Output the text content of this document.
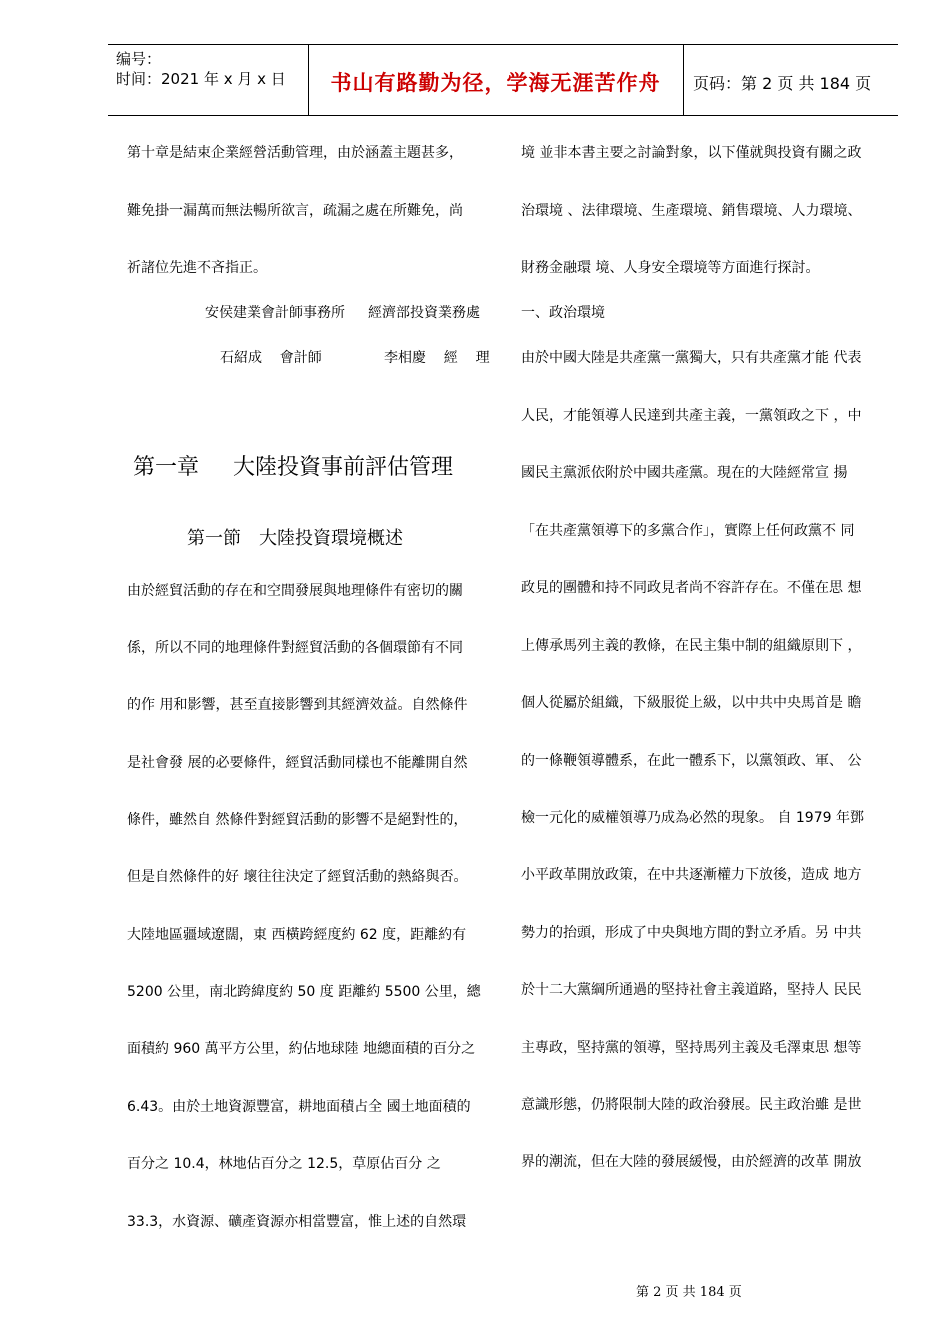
编号：
时间：2021 年 x 月 x 日	书山有路勤为径，学海无涯苦作舟	页码：第 2 页 共 184 页
第十章是結束企業經營活動管理，由於涵蓋主題甚多，
難免掛一漏萬而無法暢所欲言，疏漏之處在所難免，尚
祈諸位先進不吝指正。
安侯建業會計師事務所 經濟部投資業務處
石紹成    會計師	李相慶    經    理
第一章 大陸投資事前評估管理
第一節 大陸投資環境概述
由於經貿活動的存在和空間發展與地理條件有密切的關
係，所以不同的地理條件對經貿活動的各個環節有不同
的作 用和影響，甚至直接影響到其經濟效益。自然條件
是社會發 展的必要條件，經貿活動同樣也不能離開自然
條件，雖然自 然條件對經貿活動的影響不是絕對性的，
但是自然條件的好 壞往往決定了經貿活動的熱絡與否。
大陸地區疆域遼闊，東 西橫跨經度約 62 度，距離約有
5200 公里，南北跨緯度約 50 度 距離約 5500 公里，總
面積約 960 萬平方公里，約佔地球陸 地總面積的百分之
6.43。由於土地資源豐富，耕地面積占全 國土地面積的
百分之 10.4，林地佔百分之 12.5，草原佔百分 之
33.3，水資源、礦產資源亦相當豐富，惟上述的自然環
境 並非本書主要之討論對象，以下僅就與投資有關之政
治環境 、法律環境、生產環境、銷售環境、人力環境、
財務金融環 境、人身安全環境等方面進行探討。
一、政治環境
由於中國大陸是共產黨一黨獨大，只有共產黨才能 代表
人民，才能領導人民達到共產主義，一黨領政之下 ，中
國民主黨派依附於中國共產黨。現在的大陸經常宣 揚
「在共產黨領導下的多黨合作」，實際上任何政黨不 同
政見的團體和持不同政見者尚不容許存在。不僅在思 想
上傳承馬列主義的教條，在民主集中制的組織原則下 ，
個人從屬於組織，下級服從上級，以中共中央馬首是 瞻
的一條鞭領導體系，在此一體系下，以黨領政、軍、 公
檢一元化的威權領導乃成為必然的現象。 自 1979 年鄧
小平政革開放政策，在中共逐漸權力下放後，造成 地方
勢力的抬頭，形成了中央與地方間的對立矛盾。另 中共
於十二大黨綱所通過的堅持社會主義道路，堅持人 民民
主專政，堅持黨的領導，堅持馬列主義及毛澤東思 想等
意識形態，仍將限制大陸的政治發展。民主政治雖 是世
界的潮流，但在大陸的發展緩慢，由於經濟的改革 開放
第 2 页 共 184 页
